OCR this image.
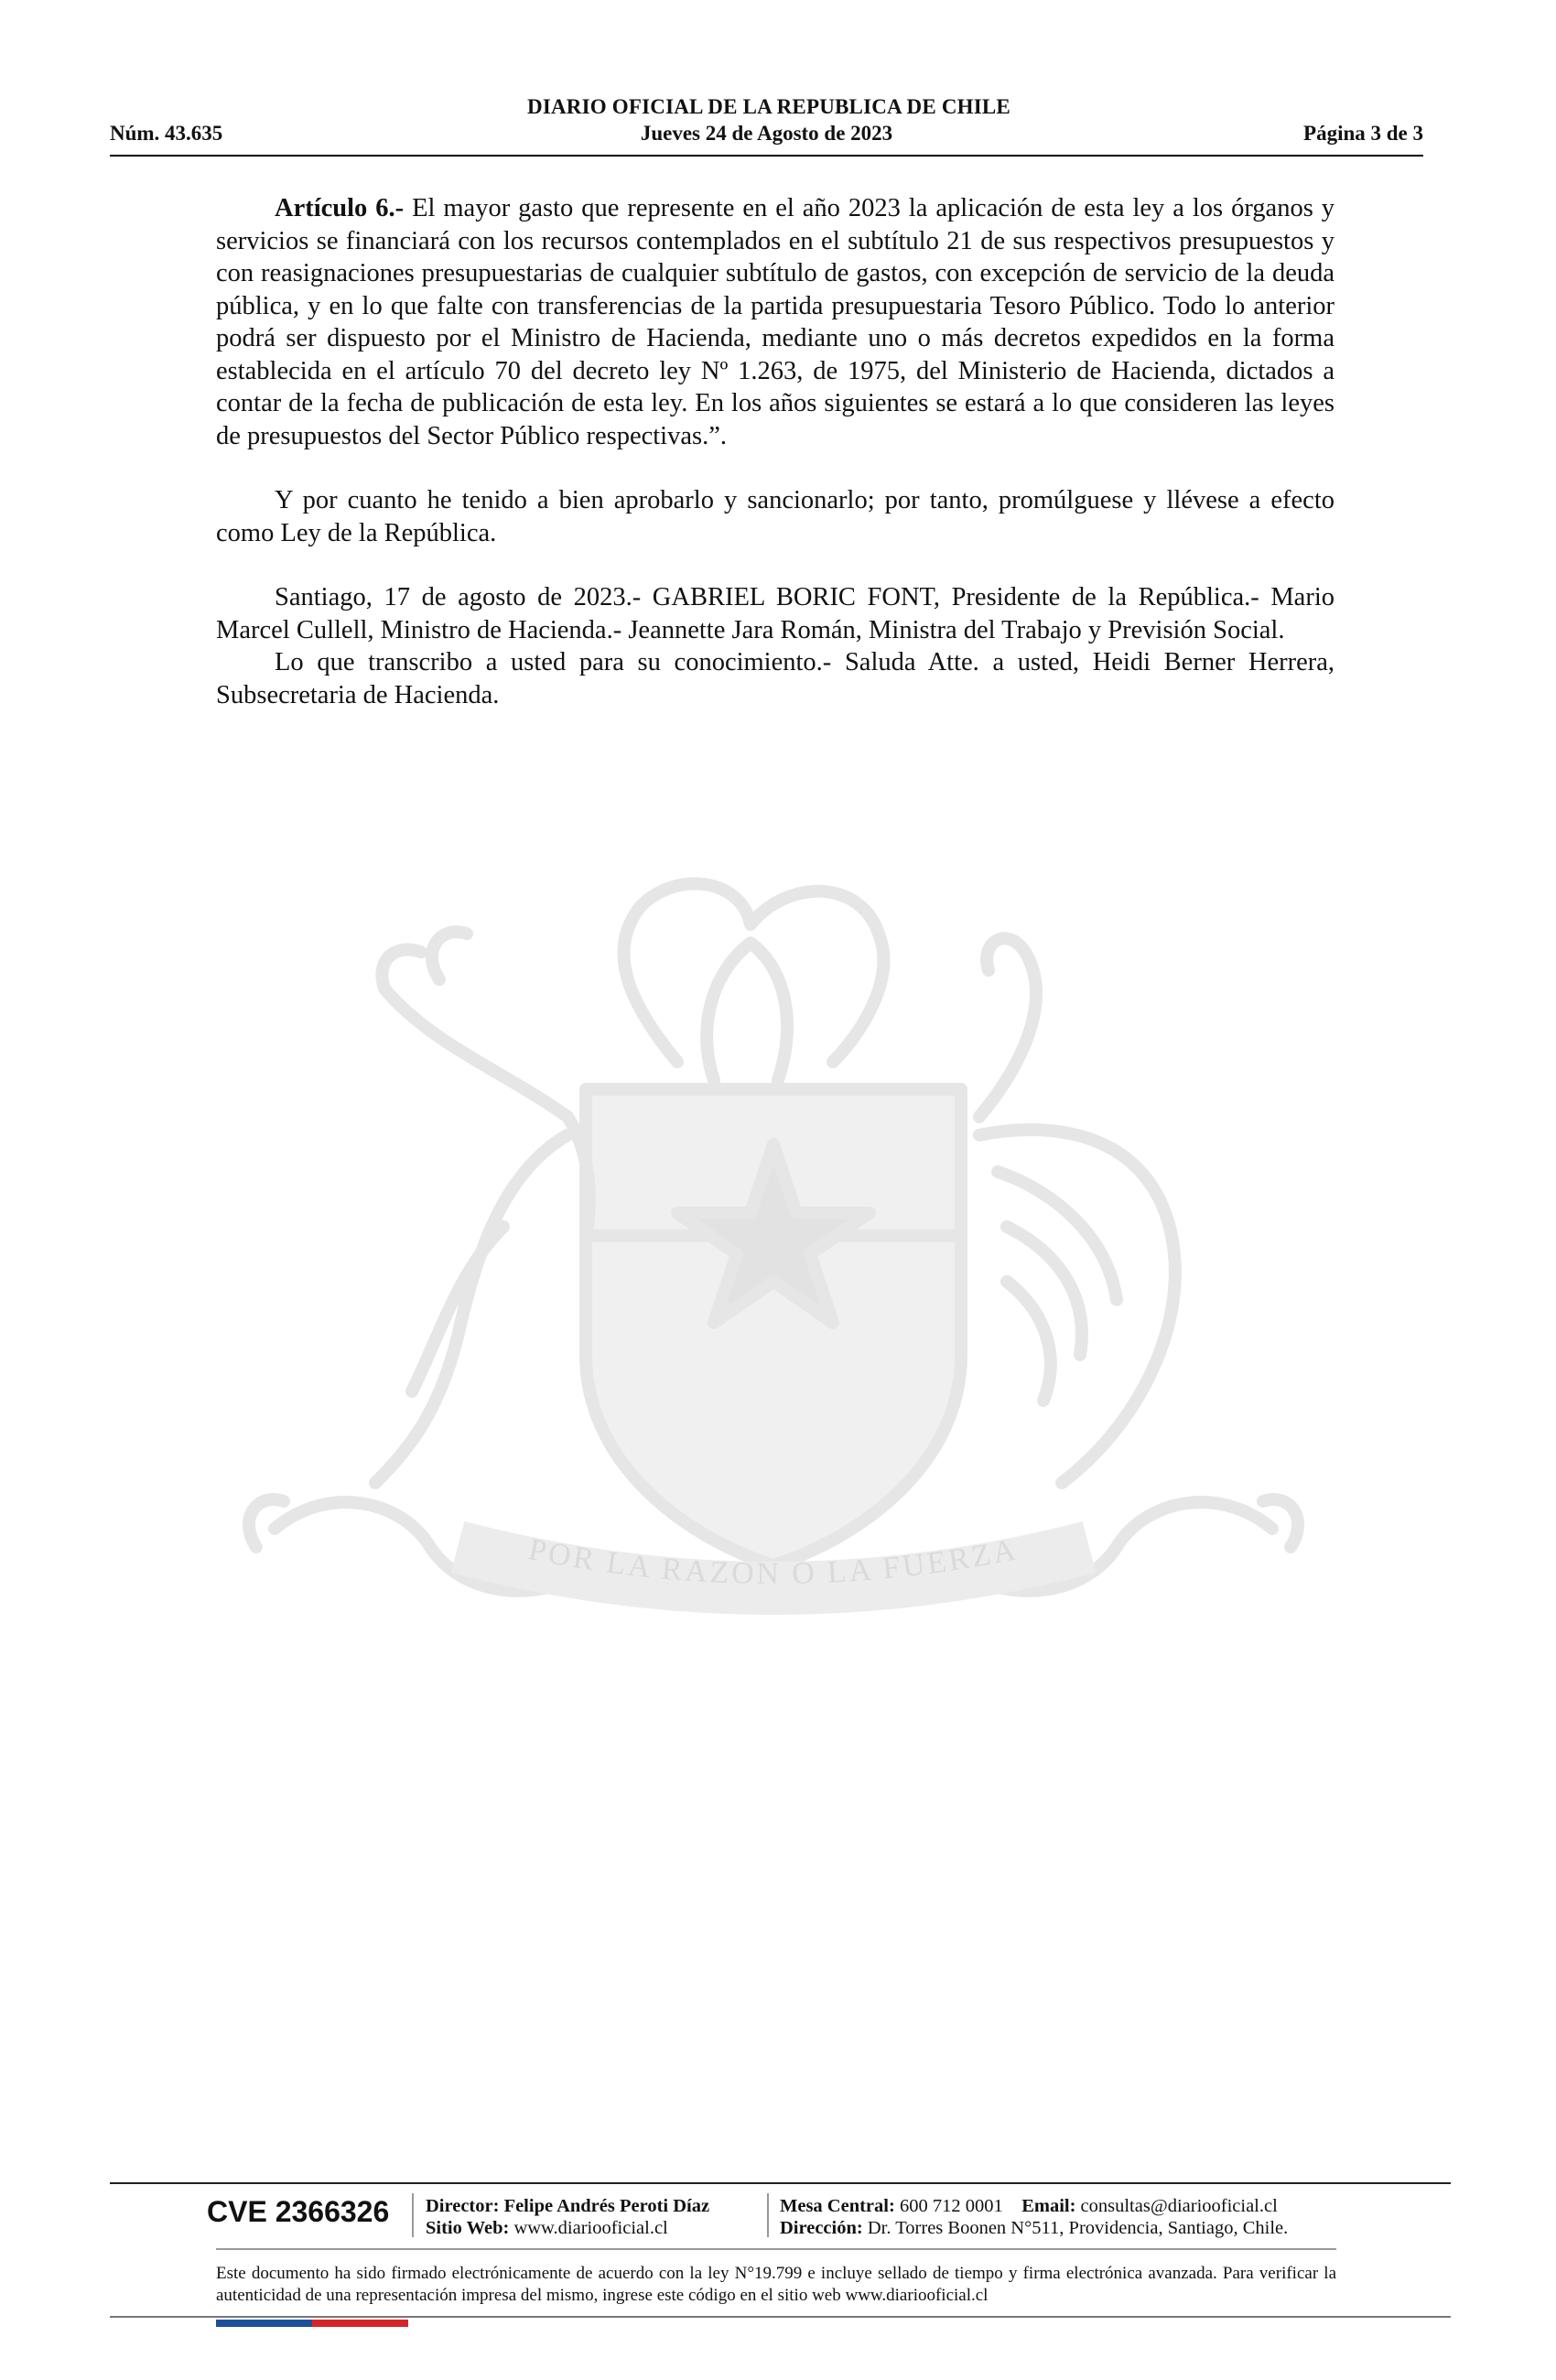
DIARIO OFICIAL DE LA REPUBLICA DE CHILE
Núm. 43.635	Jueves 24 de Agosto de 2023	Página 3 de 3
POR LA RAZON O LA FUERZA

Artículo 6.- El mayor gasto que represente en el año 2023 la aplicación de esta ley a los órganos y servicios se financiará con los recursos contemplados en el subtítulo 21 de sus respectivos presupuestos y con reasignaciones presupuestarias de cualquier subtítulo de gastos, con excepción de servicio de la deuda pública, y en lo que falte con transferencias de la partida presupuestaria Tesoro Público. Todo lo anterior podrá ser dispuesto por el Ministro de Hacienda, mediante uno o más decretos expedidos en la forma establecida en el artículo 70 del decreto ley Nº 1.263, de 1975, del Ministerio de Hacienda, dictados a contar de la fecha de publicación de esta ley. En los años siguientes se estará a lo que consideren las leyes de presupuestos del Sector Público respectivas.”.

Y por cuanto he tenido a bien aprobarlo y sancionarlo; por tanto, promúlguese y llévese a efecto como Ley de la República.

Santiago, 17 de agosto de 2023.- GABRIEL BORIC FONT, Presidente de la República.- Mario Marcel Cullell, Ministro de Hacienda.- Jeannette Jara Román, Ministra del Trabajo y Previsión Social.

Lo que transcribo a usted para su conocimiento.- Saluda Atte. a usted, Heidi Berner Herrera, Subsecretaria de Hacienda.

CVE 2366326 Director: Felipe Andrés Peroti Díaz
Sitio Web: www.diariooficial.cl
Mesa Central: 600 712 0001 Email: consultas@diariooficial.cl
Dirección: Dr. Torres Boonen N°511, Providencia, Santiago, Chile.
Este documento ha sido firmado electrónicamente de acuerdo con la ley N°19.799 e incluye sellado de tiempo y firma electrónica avanzada. Para verificar la autenticidad de una representación impresa del mismo, ingrese este código en el sitio web www.diariooficial.cl
